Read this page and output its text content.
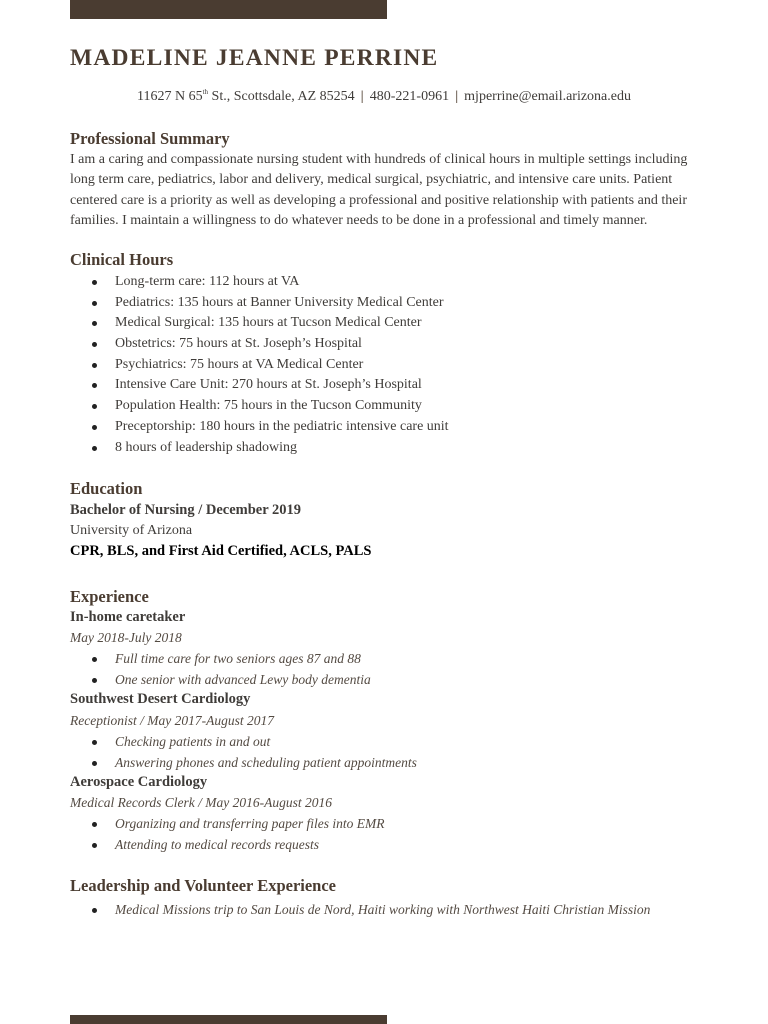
MADELINE JEANNE PERRINE
11627 N 65th St., Scottsdale, AZ 85254 | 480-221-0961 | mjperrine@email.arizona.edu
Professional Summary

I am a caring and compassionate nursing student with hundreds of clinical hours in multiple settings including long term care, pediatrics, labor and delivery, medical surgical, psychiatric, and intensive care units. Patient centered care is a priority as well as developing a professional and positive relationship with patients and their families. I maintain a willingness to do whatever needs to be done in a professional and timely manner.

Clinical Hours
Long-term care: 112 hours at VA
Pediatrics: 135 hours at Banner University Medical Center
Medical Surgical: 135 hours at Tucson Medical Center
Obstetrics: 75 hours at St. Joseph’s Hospital
Psychiatrics: 75 hours at VA Medical Center
Intensive Care Unit: 270 hours at St. Joseph’s Hospital
Population Health: 75 hours in the Tucson Community
Preceptorship: 180 hours in the pediatric intensive care unit
8 hours of leadership shadowing
Education
Bachelor of Nursing / December 2019
University of Arizona
CPR, BLS, and First Aid Certified, ACLS, PALS
Experience
In-home caretaker
May 2018-July 2018
Full time care for two seniors ages 87 and 88
One senior with advanced Lewy body dementia
Southwest Desert Cardiology
Receptionist / May 2017-August 2017
Checking patients in and out
Answering phones and scheduling patient appointments
Aerospace Cardiology
Medical Records Clerk / May 2016-August 2016
Organizing and transferring paper files into EMR
Attending to medical records requests
Leadership and Volunteer Experience
Medical Missions trip to San Louis de Nord, Haiti working with Northwest Haiti Christian Mission
